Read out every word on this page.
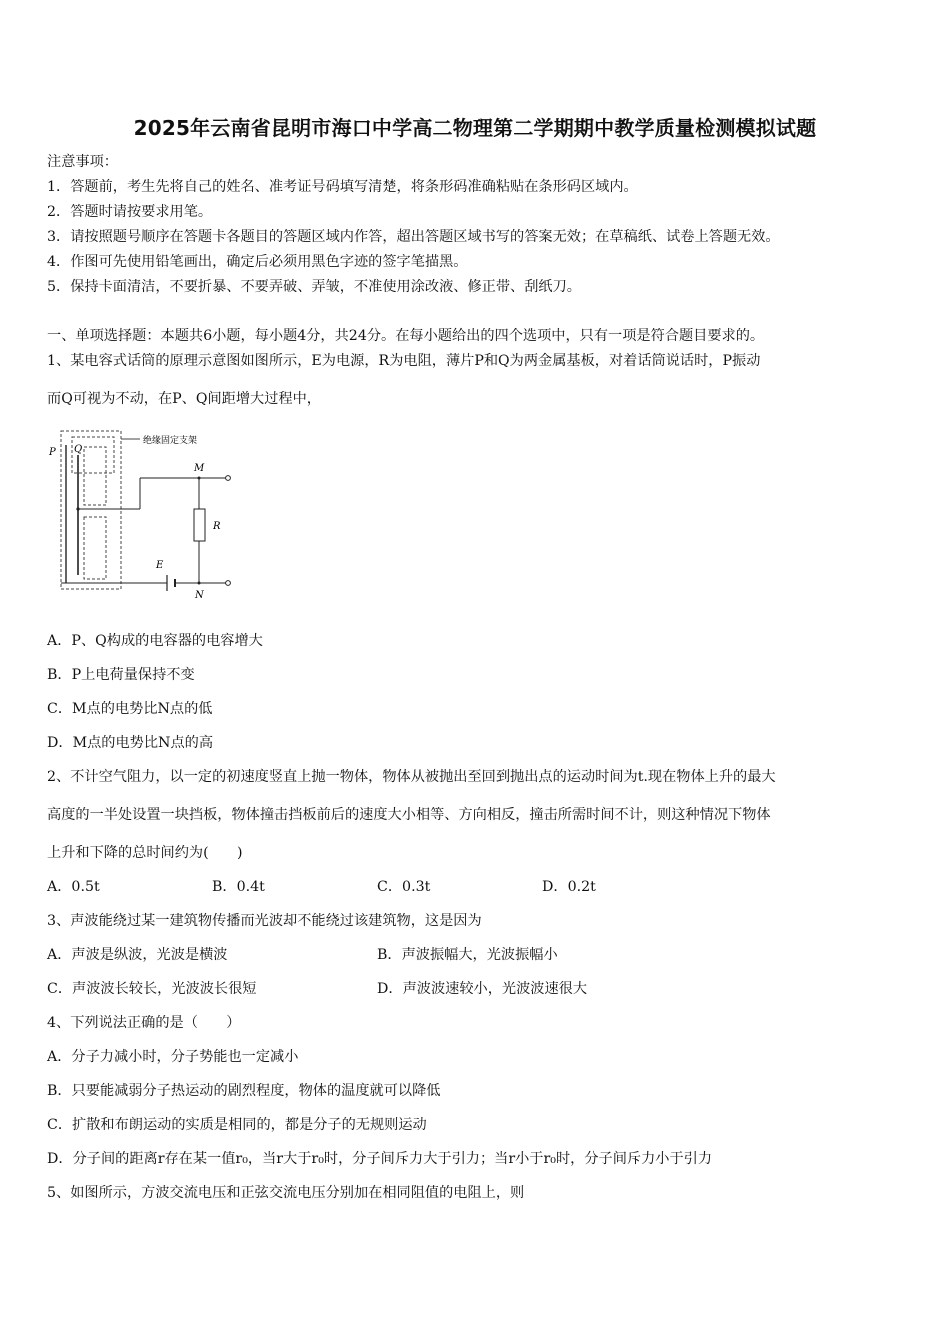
2025年云南省昆明市海口中学高二物理第二学期期中教学质量检测模拟试题
注意事项：
1．答题前，考生先将自己的姓名、准考证号码填写清楚，将条形码准确粘贴在条形码区域内。
2．答题时请按要求用笔。
3．请按照题号顺序在答题卡各题目的答题区域内作答，超出答题区域书写的答案无效；在草稿纸、试卷上答题无效。
4．作图可先使用铅笔画出，确定后必须用黑色字迹的签字笔描黑。
5．保持卡面清洁，不要折暴、不要弄破、弄皱，不准使用涂改液、修正带、刮纸刀。
一、单项选择题：本题共6小题，每小题4分，共24分。在每小题给出的四个选项中，只有一项是符合题目要求的。
1、某电容式话筒的原理示意图如图所示，E为电源，R为电阻，薄片P和Q为两金属基板，对着话筒说话时，P振动
而Q可视为不动，在P、Q间距增大过程中，
绝缘固定支架
P Q
M
R
E
N
A．P、Q构成的电容器的电容增大
B．P上电荷量保持不变
C．M点的电势比N点的低
D．M点的电势比N点的高
2、不计空气阻力，以一定的初速度竖直上抛一物体，物体从被抛出至回到抛出点的运动时间为t.现在物体上升的最大
高度的一半处设置一块挡板，物体撞击挡板前后的速度大小相等、方向相反，撞击所需时间不计，则这种情况下物体
上升和下降的总时间约为(　　)
A．0.5t	B．0.4t	C．0.3t	D．0.2t
3、声波能绕过某一建筑物传播而光波却不能绕过该建筑物，这是因为
A．声波是纵波，光波是横波	B．声波振幅大，光波振幅小
C．声波波长较长，光波波长很短	D．声波波速较小，光波波速很大
4、下列说法正确的是（　　）
A．分子力减小时，分子势能也一定减小
B．只要能减弱分子热运动的剧烈程度，物体的温度就可以降低
C．扩散和布朗运动的实质是相同的，都是分子的无规则运动
D．分子间的距离r存在某一值r₀，当r大于r₀时，分子间斥力大于引力；当r小于r₀时，分子间斥力小于引力
5、如图所示，方波交流电压和正弦交流电压分别加在相同阻值的电阻上，则
